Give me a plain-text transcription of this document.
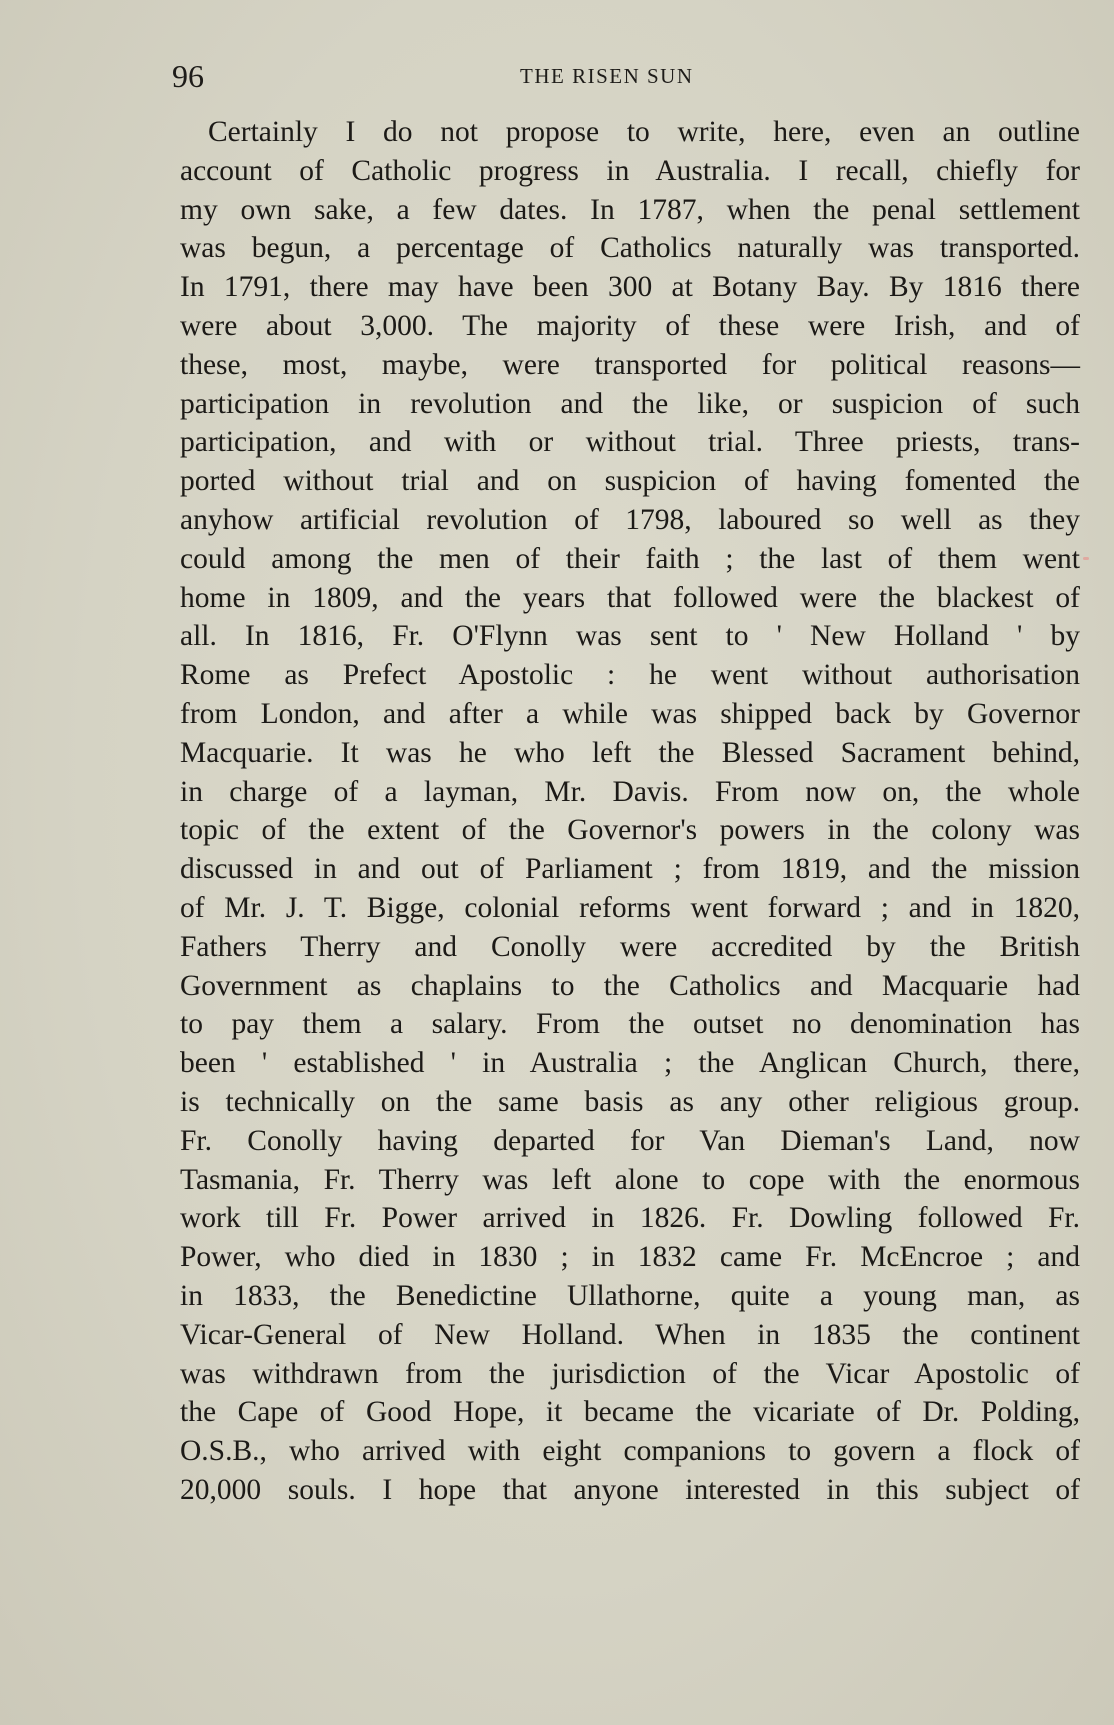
96	THE RISEN SUN
Certainly I do not propose to write, here, even an outline
account of Catholic progress in Australia. I recall, chiefly for
my own sake, a few dates. In 1787, when the penal settlement
was begun, a percentage of Catholics naturally was transported.
In 1791, there may have been 300 at Botany Bay. By 1816 there
were about 3,000. The majority of these were Irish, and of
these, most, maybe, were transported for political reasons—
participation in revolution and the like, or suspicion of such
participation, and with or without trial. Three priests, trans-
ported without trial and on suspicion of having fomented the
anyhow artificial revolution of 1798, laboured so well as they
could among the men of their faith ; the last of them went
home in 1809, and the years that followed were the blackest of
all. In 1816, Fr. O'Flynn was sent to ' New Holland ' by
Rome as Prefect Apostolic : he went without authorisation
from London, and after a while was shipped back by Governor
Macquarie. It was he who left the Blessed Sacrament behind,
in charge of a layman, Mr. Davis. From now on, the whole
topic of the extent of the Governor's powers in the colony was
discussed in and out of Parliament ; from 1819, and the mission
of Mr. J. T. Bigge, colonial reforms went forward ; and in 1820,
Fathers Therry and Conolly were accredited by the British
Government as chaplains to the Catholics and Macquarie had
to pay them a salary. From the outset no denomination has
been ' established ' in Australia ; the Anglican Church, there,
is technically on the same basis as any other religious group.
Fr. Conolly having departed for Van Dieman's Land, now
Tasmania, Fr. Therry was left alone to cope with the enormous
work till Fr. Power arrived in 1826. Fr. Dowling followed Fr.
Power, who died in 1830 ; in 1832 came Fr. McEncroe ; and
in 1833, the Benedictine Ullathorne, quite a young man, as
Vicar-General of New Holland. When in 1835 the continent
was withdrawn from the jurisdiction of the Vicar Apostolic of
the Cape of Good Hope, it became the vicariate of Dr. Polding,
O.S.B., who arrived with eight companions to govern a flock of
20,000 souls. I hope that anyone interested in this subject of
